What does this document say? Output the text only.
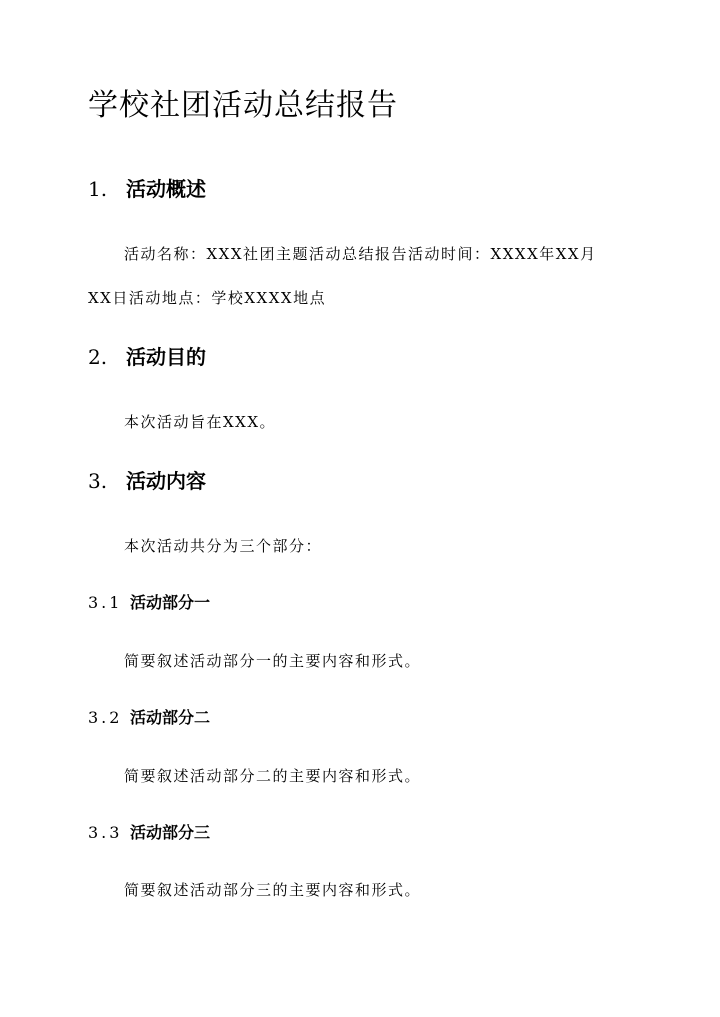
学校社团活动总结报告
1. 活动概述

活动名称：XXX社团主题活动总结报告活动时间：XXXX年XX月

XX日活动地点：学校XXXX地点

2. 活动目的

本次活动旨在XXX。

3. 活动内容

本次活动共分为三个部分：

3.1 活动部分一

简要叙述活动部分一的主要内容和形式。

3.2 活动部分二

简要叙述活动部分二的主要内容和形式。

3.3 活动部分三

简要叙述活动部分三的主要内容和形式。
